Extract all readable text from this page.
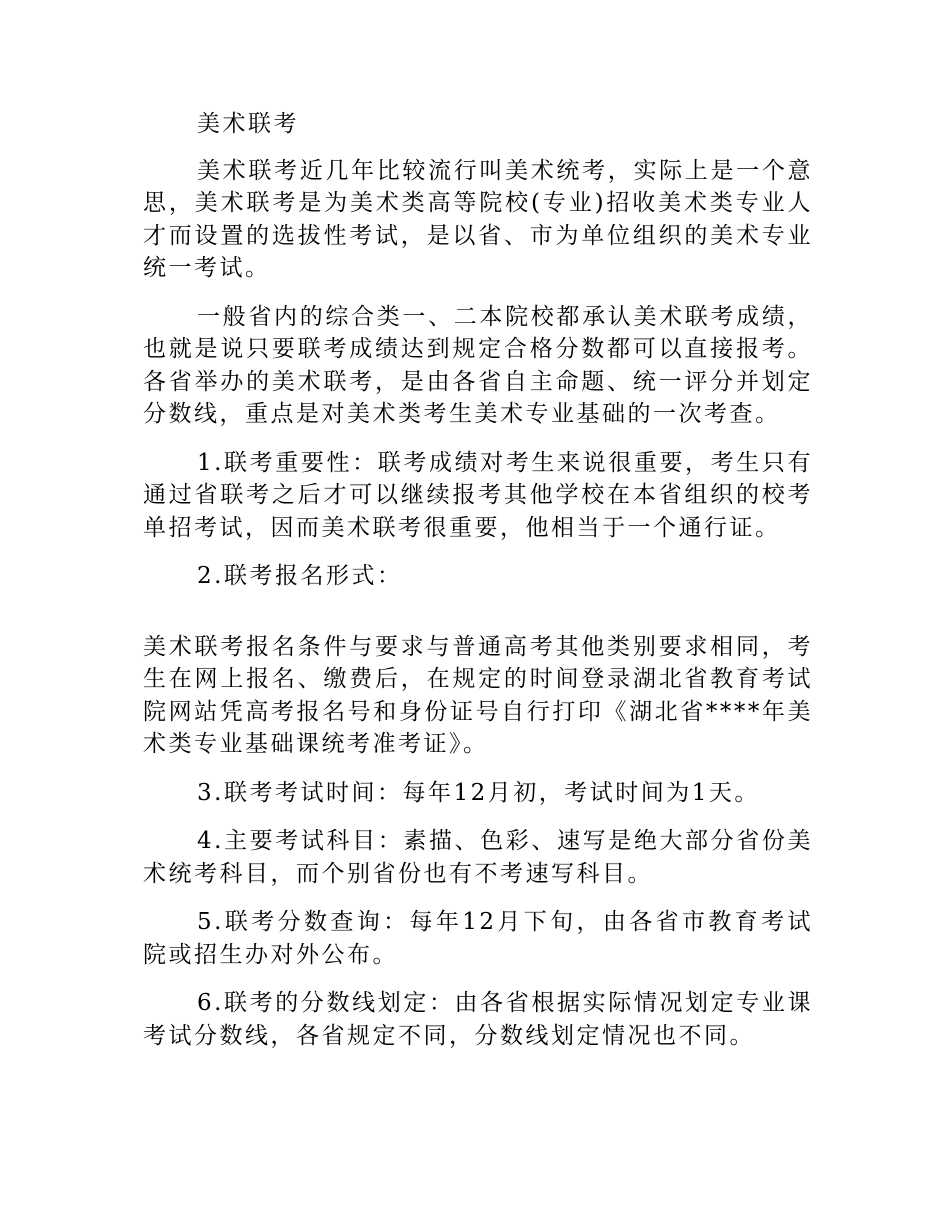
美术联考

美术联考近几年比较流行叫美术统考，实际上是一个意思，美术联考是为美术类高等院校(专业)招收美术类专业人才而设置的选拔性考试，是以省、市为单位组织的美术专业统一考试。

一般省内的综合类一、二本院校都承认美术联考成绩，也就是说只要联考成绩达到规定合格分数都可以直接报考。各省举办的美术联考，是由各省自主命题、统一评分并划定分数线，重点是对美术类考生美术专业基础的一次考查。

1.联考重要性：联考成绩对考生来说很重要，考生只有通过省联考之后才可以继续报考其他学校在本省组织的校考单招考试，因而美术联考很重要，他相当于一个通行证。

2.联考报名形式：

美术联考报名条件与要求与普通高考其他类别要求相同，考生在网上报名、缴费后，在规定的时间登录湖北省教育考试院网站凭高考报名号和身份证号自行打印《湖北省****年美术类专业基础课统考准考证》。

3.联考考试时间：每年12月初，考试时间为1天。

4.主要考试科目：素描、色彩、速写是绝大部分省份美术统考科目，而个别省份也有不考速写科目。

5.联考分数查询：每年12月下旬，由各省市教育考试院或招生办对外公布。

6.联考的分数线划定：由各省根据实际情况划定专业课考试分数线，各省规定不同，分数线划定情况也不同。
